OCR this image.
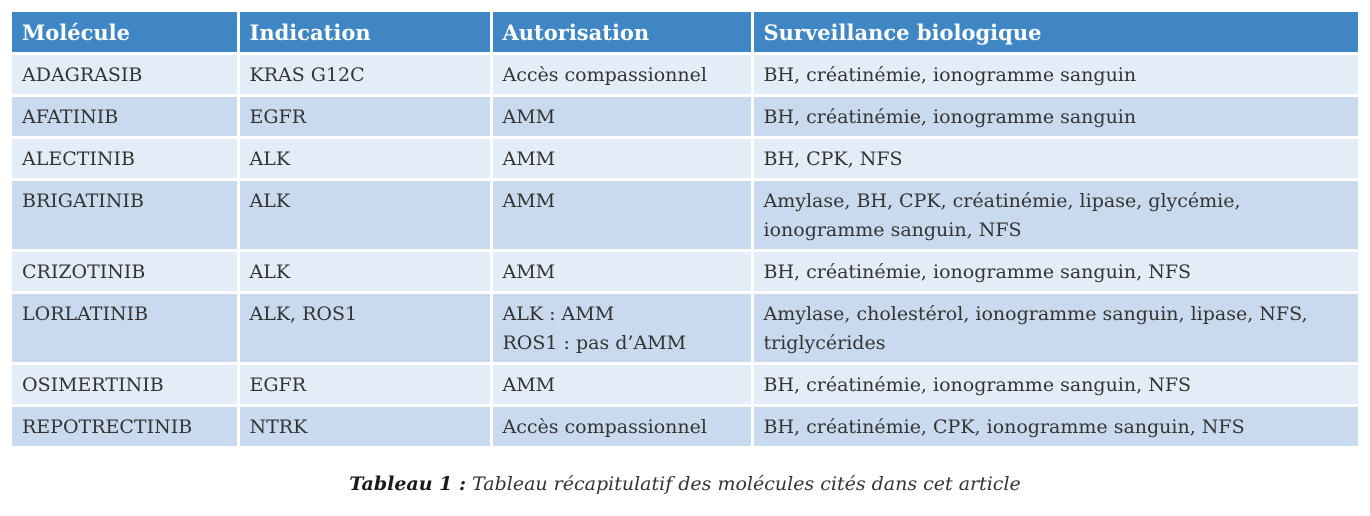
Molécule	Indication	Autorisation	Surveillance biologique
ADAGRASIB	KRAS G12C	Accès compassionnel	BH, créatinémie, ionogramme sanguin

AFATINIB	EGFR	AMM	BH, créatinémie, ionogramme sanguin

ALECTINIB	ALK	AMM	BH, CPK, NFS

BRIGATINIB	ALK	AMM	Amylase, BH, CPK, créatinémie, lipase, glycémie,
ionogramme sanguin, NFS

CRIZOTINIB	ALK	AMM	BH, créatinémie, ionogramme sanguin, NFS

LORLATINIB	ALK, ROS1	ALK : AMM
ROS1 : pas d’AMM	Amylase, cholestérol, ionogramme sanguin, lipase, NFS,
triglycérides

OSIMERTINIB	EGFR	AMM	BH, créatinémie, ionogramme sanguin, NFS

REPOTRECTINIB	NTRK	Accès compassionnel	BH, créatinémie, CPK, ionogramme sanguin, NFS
Tableau 1 : Tableau récapitulatif des molécules cités dans cet article
